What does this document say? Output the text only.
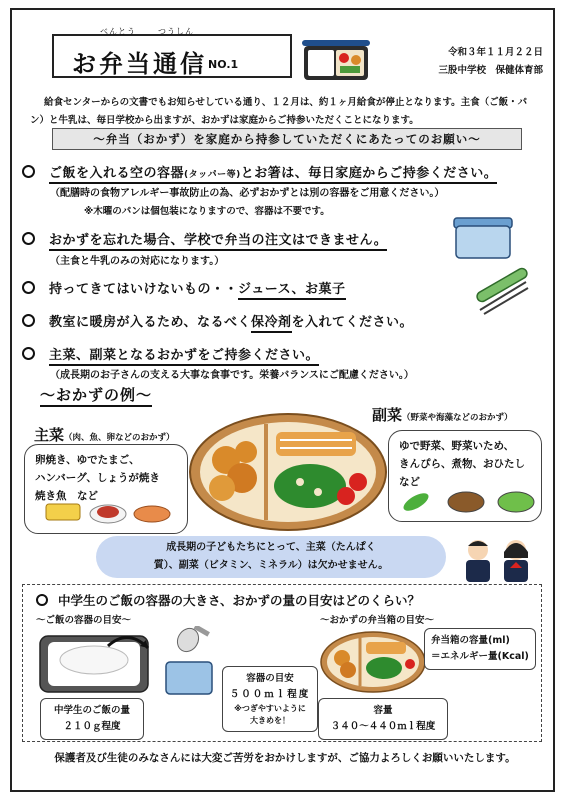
べんとう	つうしん
お弁当通信 NO.1
令和３年１１月２２日
三股中学校　保健体育部
給食センターからの文書でもお知らせしている通り、１２月は、約１ヶ月給食が停止となります。主食（ご飯・パン）と牛乳は、毎日学校から出ますが、おかずは家庭からご持参いただくことになります。
～弁当（おかず）を家庭から持参していただくにあたってのお願い～
ご飯を入れる空の容器(タッパー等)とお箸は、毎日家庭からご持参ください。
（配膳時の食物アレルギー事故防止の為、必ずおかずとは別の容器をご用意ください。）
※木曜のパンは個包装になりますので、容器は不要です。
おかずを忘れた場合、学校で弁当の注文はできません。
（主食と牛乳のみの対応になります。）
持ってきてはいけないもの・・ジュース、お菓子
教室に暖房が入るため、なるべく保冷剤を入れてください。
主菜、副菜となるおかずをご持参ください。
（成長期のお子さんの支える大事な食事です。栄養バランスにご配慮ください。）
～おかずの例～
副菜（野菜や海藻などのおかず）
主菜（肉、魚、卵などのおかず）
卵焼き、ゆでたまご、
ハンバーグ、しょうが焼き
焼き魚　など
ゆで野菜、野菜いため、
きんぴら、煮物、おひたし
など
成長期の子どもたちにとって、主菜（たんぱく
質）、副菜（ビタミン、ミネラル）は欠かせません。
中学生のご飯の容器の大きさ、おかずの量の目安はどのくらい？
～ご飯の容器の目安～	～おかずの弁当箱の目安～
中学生のご飯の量
２１０ｇ程度
容器の目安
５００ｍｌ程度
※つぎやすいように
大きめを！
弁当箱の容量(ml)
＝エネルギー量(Kcal)
容量
３４０～４４０ｍｌ程度
保護者及び生徒のみなさんには大変ご苦労をおかけしますが、ご協力よろしくお願いいたします。
